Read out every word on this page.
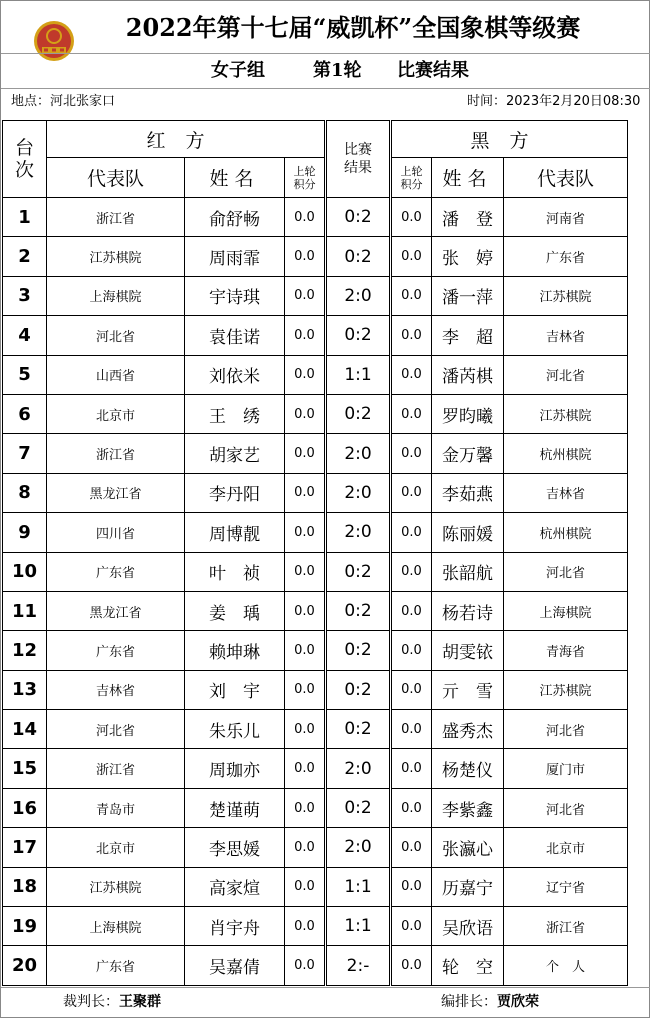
2022年第十七届“威凯杯”全国象棋等级赛
女子组	第1轮 比赛结果
地点：河北张家口	时间：2023年2月20日08:30
台次	红方			比赛结果	黑方		
	代表队	姓名	上轮积分		上轮积分	姓名	代表队
1	浙江省	俞舒畅	0.0	0:2	0.0	潘　登	河南省
2	江苏棋院	周雨霏	0.0	0:2	0.0	张　婷	广东省
3	上海棋院	宇诗琪	0.0	2:0	0.0	潘一萍	江苏棋院
4	河北省	袁佳诺	0.0	0:2	0.0	李　超	吉林省
5	山西省	刘依米	0.0	1:1	0.0	潘芮棋	河北省
6	北京市	王　绣	0.0	0:2	0.0	罗昀曦	江苏棋院
7	浙江省	胡家艺	0.0	2:0	0.0	金万馨	杭州棋院
8	黑龙江省	李丹阳	0.0	2:0	0.0	李茹燕	吉林省
9	四川省	周博靓	0.0	2:0	0.0	陈丽媛	杭州棋院
10	广东省	叶　祯	0.0	0:2	0.0	张韶航	河北省
11	黑龙江省	姜　瑀	0.0	0:2	0.0	杨若诗	上海棋院
12	广东省	赖坤琳	0.0	0:2	0.0	胡雯铱	青海省
13	吉林省	刘　宇	0.0	0:2	0.0	亓　雪	江苏棋院
14	河北省	朱乐儿	0.0	0:2	0.0	盛秀杰	河北省
15	浙江省	周珈亦	0.0	2:0	0.0	杨楚仪	厦门市
16	青岛市	楚谨萌	0.0	0:2	0.0	李紫鑫	河北省
17	北京市	李思媛	0.0	2:0	0.0	张瀛心	北京市
18	江苏棋院	高家煊	0.0	1:1	0.0	历嘉宁	辽宁省
19	上海棋院	肖宇舟	0.0	1:1	0.0	吴欣语	浙江省
20	广东省	吴嘉倩	0.0	2:-	0.0	轮　空	个　人
裁判长：王聚群	编排长：贾欣荣
